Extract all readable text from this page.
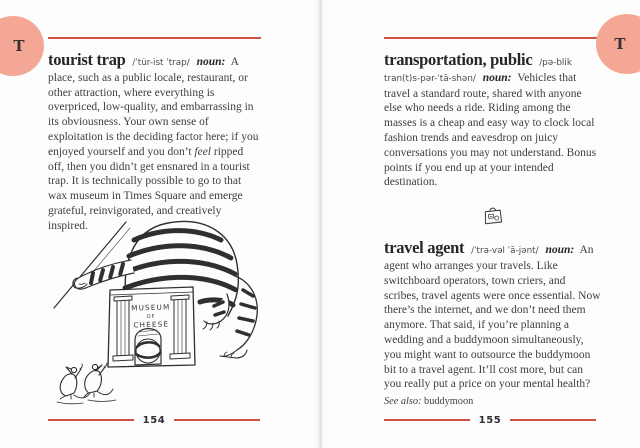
T

tourist trap /ˈtu̇r-ist ˈtrap/ noun: A place, such as a public locale, restaurant, or other attraction, where everything is overpriced, low-quality, and embarrassing in its obviousness. Your own sense of exploitation is the deciding factor here; if you enjoyed yourself and you don’t feel ripped off, then you didn’t get ensnared in a tourist trap. It is technically possible to go to that wax museum in Times Square and emerge grateful, reinvigorated, and creatively inspired.

MUSEUM
OF
CHEESE
154
T

transportation, public /pə-blik tran(t)s-pər-ˈtā-shən/ noun: Vehicles that travel a standard route, shared with anyone else who needs a ride. Riding among the masses is a cheap and easy way to clock local fashion trends and eavesdrop on juicy conversations you may not understand. Bonus points if you end up at your intended destination.

travel agent /ˈtra-vəl ˈā-jənt/ noun: An agent who arranges your travels. Like switchboard operators, town criers, and scribes, travel agents were once essential. Now there’s the internet, and we don’t need them anymore. That said, if you’re planning a wedding and a buddymoon simultaneously, you might want to outsource the buddymoon bit to a travel agent. It’ll cost more, but can you really put a price on your mental health?

See also: buddymoon

155
